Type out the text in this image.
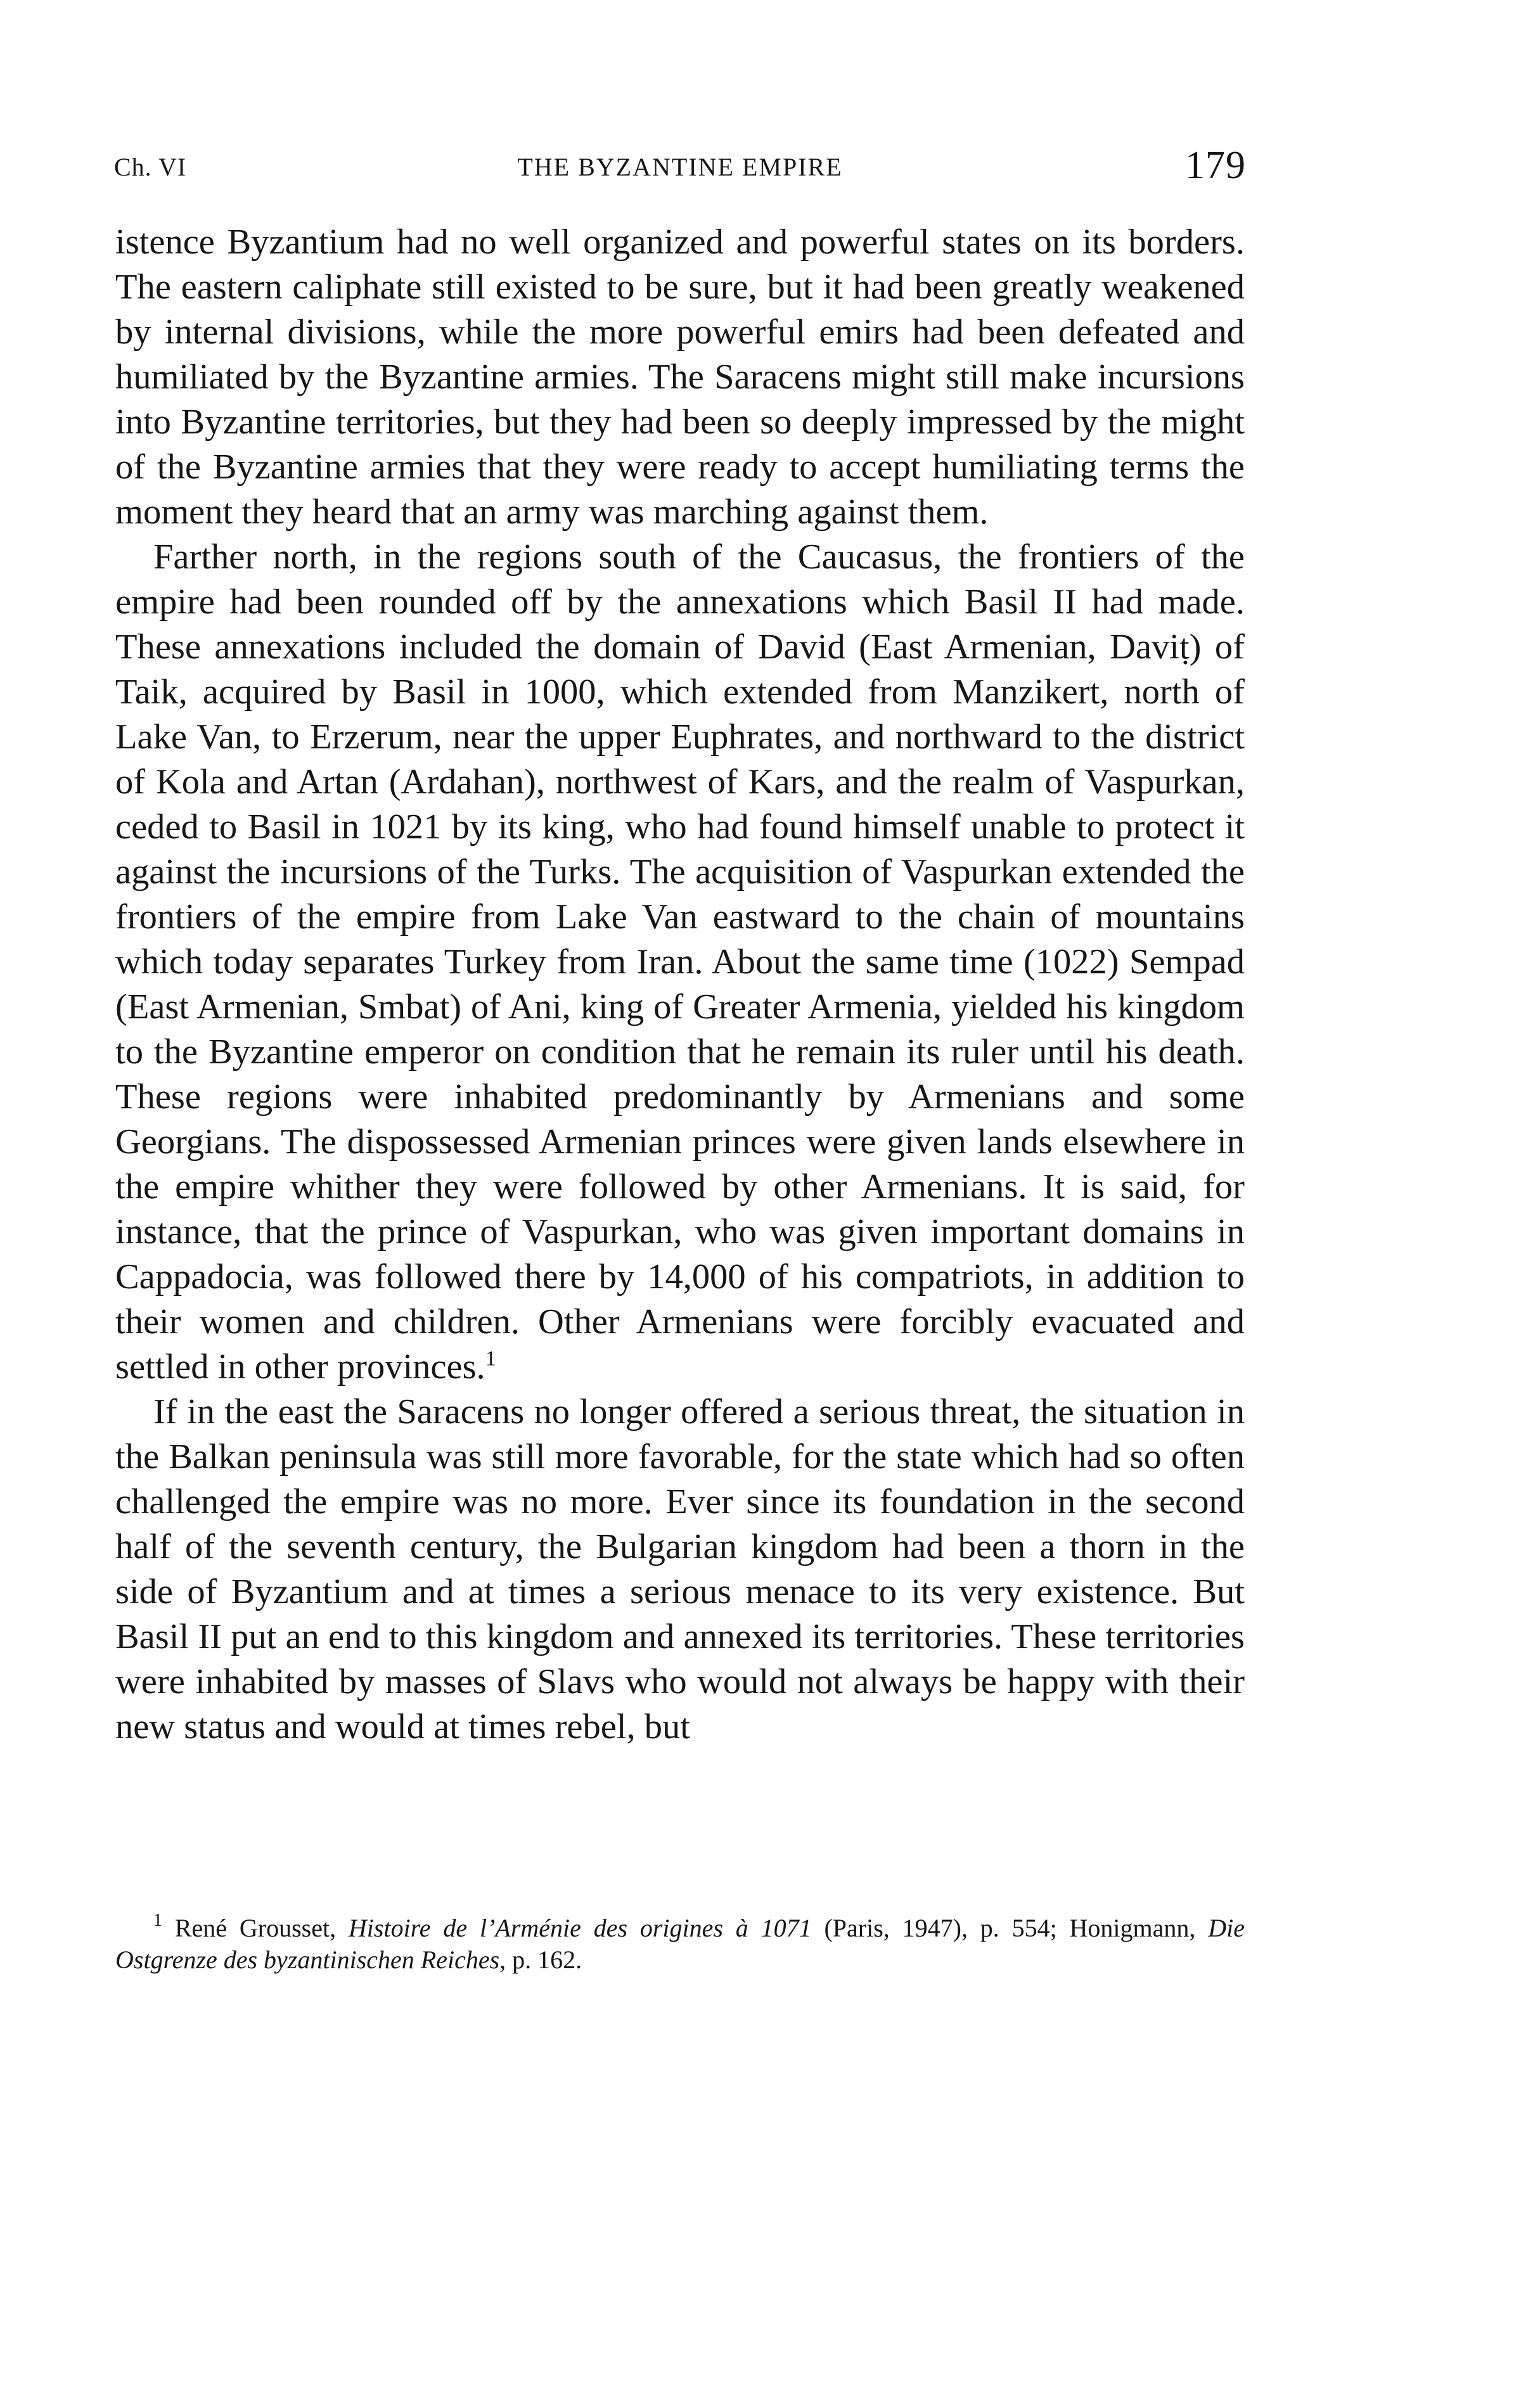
Ch. VI	THE BYZANTINE EMPIRE	179

istence Byzantium had no well organized and powerful states on its borders. The eastern caliphate still existed to be sure, but it had been greatly weakened by internal divisions, while the more powerful emirs had been defeated and humiliated by the Byzantine armies. The Saracens might still make incursions into Byzantine territories, but they had been so deeply impressed by the might of the Byzantine armies that they were ready to accept humiliating terms the moment they heard that an army was marching against them.

Farther north, in the regions south of the Caucasus, the frontiers of the empire had been rounded off by the annexations which Basil II had made. These annexations included the domain of David (East Armenian, Daviṭ) of Taik, acquired by Basil in 1000, which extended from Manzikert, north of Lake Van, to Erzerum, near the upper Euphrates, and northward to the district of Kola and Artan (Ardahan), northwest of Kars, and the realm of Vaspurkan, ceded to Basil in 1021 by its king, who had found himself unable to protect it against the incursions of the Turks. The acquisition of Vaspurkan extended the frontiers of the empire from Lake Van eastward to the chain of mountains which today separates Turkey from Iran. About the same time (1022) Sempad (East Armenian, Smbat) of Ani, king of Greater Armenia, yielded his kingdom to the Byzantine emperor on condition that he remain its ruler until his death. These regions were inhabited predominantly by Armenians and some Georgians. The dispossessed Armenian princes were given lands elsewhere in the empire whither they were followed by other Armenians. It is said, for instance, that the prince of Vaspurkan, who was given important domains in Cappadocia, was followed there by 14,000 of his compatriots, in addition to their women and children. Other Armenians were forcibly evacuated and settled in other provinces.$^1$

If in the east the Saracens no longer offered a serious threat, the situation in the Balkan peninsula was still more favorable, for the state which had so often challenged the empire was no more. Ever since its foundation in the second half of the seventh century, the Bulgarian kingdom had been a thorn in the side of Byzantium and at times a serious menace to its very existence. But Basil II put an end to this kingdom and annexed its territories. These territories were inhabited by masses of Slavs who would not always be happy with their new status and would at times rebel, but

$^1$ René Grousset, Histoire de l’Arménie des origines à 1071 (Paris, 1947), p. 554; Honigmann, Die Ostgrenze des byzantinischen Reiches, p. 162.
